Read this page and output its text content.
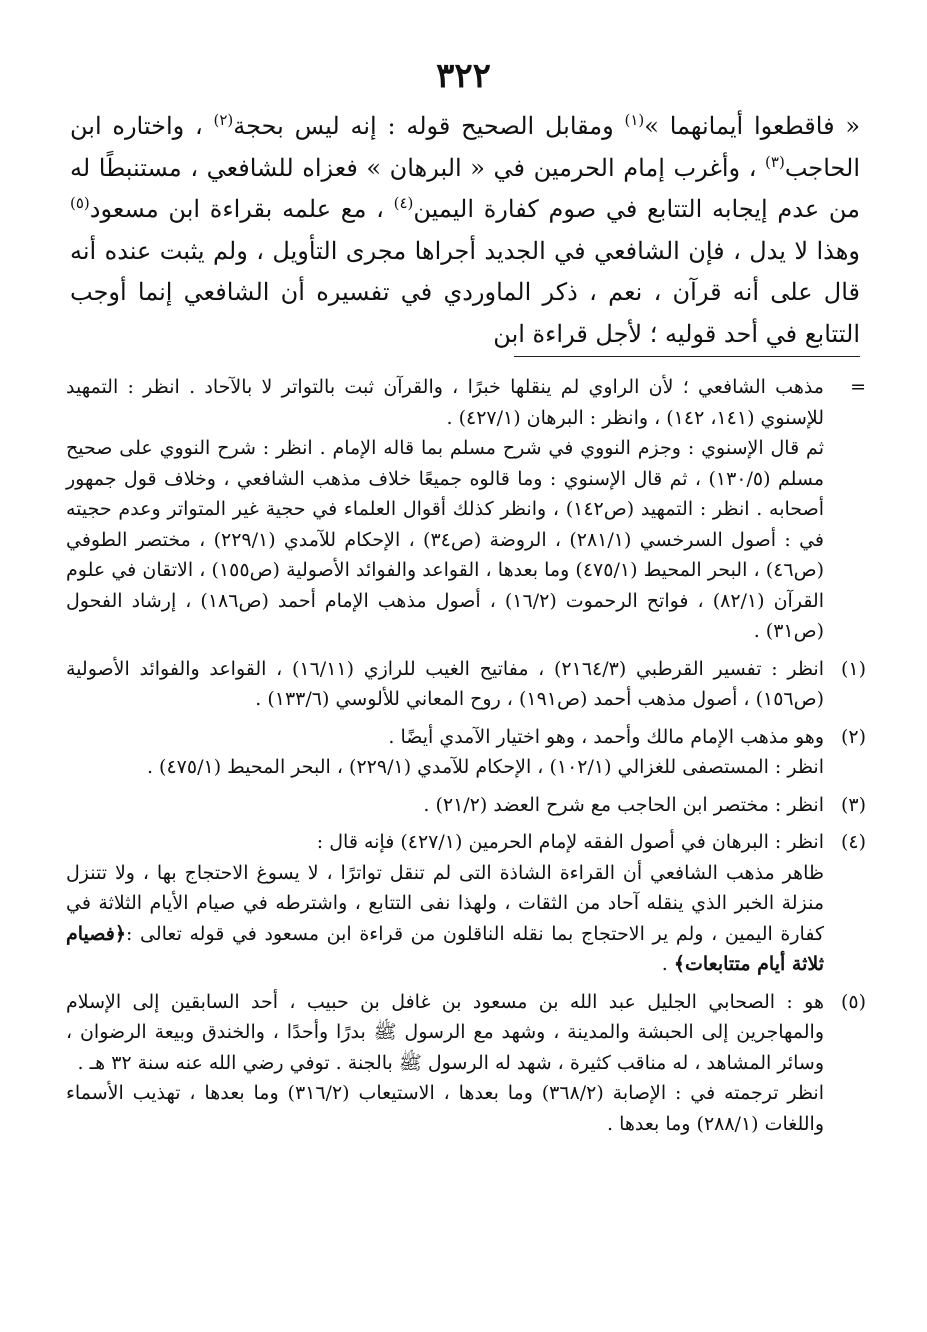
٣٢٢

« فاقطعوا أيمانهما »$^{(١)}$ ومقابل الصحيح قوله : إنه ليس بحجة$^{(٢)}$ ، واختاره ابن الحاجب$^{(٣)}$ ، وأغرب إمام الحرمين في « البرهان » فعزاه للشافعي ، مستنبطًا له من عدم إيجابه التتابع في صوم كفارة اليمين$^{(٤)}$ ، مع علمه بقراءة ابن مسعود$^{(٥)}$ وهذا لا يدل ، فإن الشافعي في الجديد أجراها مجرى التأويل ، ولم يثبت عنده أنه قال على أنه قرآن ، نعم ، ذكر الماوردي في تفسيره أن الشافعي إنما أوجب التتابع في أحد قوليه ؛ لأجل قراءة ابن

=

مذهب الشافعي ؛ لأن الراوي لم ينقلها خبرًا ، والقرآن ثبت بالتواتر لا بالآحاد . انظر : التمهيد للإسنوي (١٤١، ١٤٢) ، وانظر : البرهان (٤٢٧/١) .

ثم قال الإسنوي : وجزم النووي في شرح مسلم بما قاله الإمام . انظر : شرح النووي على صحيح مسلم (١٣٠/٥) ، ثم قال الإسنوي : وما قالوه جميعًا خلاف مذهب الشافعي ، وخلاف قول جمهور أصحابه . انظر : التمهيد (ص١٤٢) ، وانظر كذلك أقوال العلماء في حجية غير المتواتر وعدم حجيته في : أصول السرخسي (٢٨١/١) ، الروضة (ص٣٤) ، الإحكام للآمدي (٢٢٩/١) ، مختصر الطوفي (ص٤٦) ، البحر المحيط (٤٧٥/١) وما بعدها ، القواعد والفوائد الأصولية (ص١٥٥) ، الاتقان في علوم القرآن (٨٢/١) ، فواتح الرحموت (١٦/٢) ، أصول مذهب الإمام أحمد (ص١٨٦) ، إرشاد الفحول (ص٣١) .

(١)

انظر : تفسير القرطبي (٢١٦٤/٣) ، مفاتيح الغيب للرازي (١٦/١١) ، القواعد والفوائد الأصولية (ص١٥٦) ، أصول مذهب أحمد (ص١٩١) ، روح المعاني للألوسي (١٣٣/٦) .

(٢)

وهو مذهب الإمام مالك وأحمد ، وهو اختيار الآمدي أيضًا .

انظر : المستصفى للغزالي (١٠٢/١) ، الإحكام للآمدي (٢٢٩/١) ، البحر المحيط (٤٧٥/١) .

(٣)

انظر : مختصر ابن الحاجب مع شرح العضد (٢١/٢) .

(٤)

انظر : البرهان في أصول الفقه لإمام الحرمين (٤٢٧/١) فإنه قال :

ظاهر مذهب الشافعي أن القراءة الشاذة التى لم تنقل تواترًا ، لا يسوغ الاحتجاج بها ، ولا تتنزل منزلة الخبر الذي ينقله آحاد من الثقات ، ولهذا نفى التتابع ، واشترطه في صيام الأيام الثلاثة في كفارة اليمين ، ولم ير الاحتجاج بما نقله الناقلون من قراءة ابن مسعود في قوله تعالى :﴿فصيام ثلاثة أيام متتابعات﴾ .

(٥)

هو : الصحابي الجليل عبد الله بن مسعود بن غافل بن حبيب ، أحد السابقين إلى الإسلام والمهاجرين إلى الحبشة والمدينة ، وشهد مع الرسول ﷺ بدرًا وأحدًا ، والخندق وبيعة الرضوان ، وسائر المشاهد ، له مناقب كثيرة ، شهد له الرسول ﷺ بالجنة . توفي رضي الله عنه سنة ٣٢ هـ .

انظر ترجمته في : الإصابة (٣٦٨/٢) وما بعدها ، الاستيعاب (٣١٦/٢) وما بعدها ، تهذيب الأسماء واللغات (٢٨٨/١) وما بعدها .
